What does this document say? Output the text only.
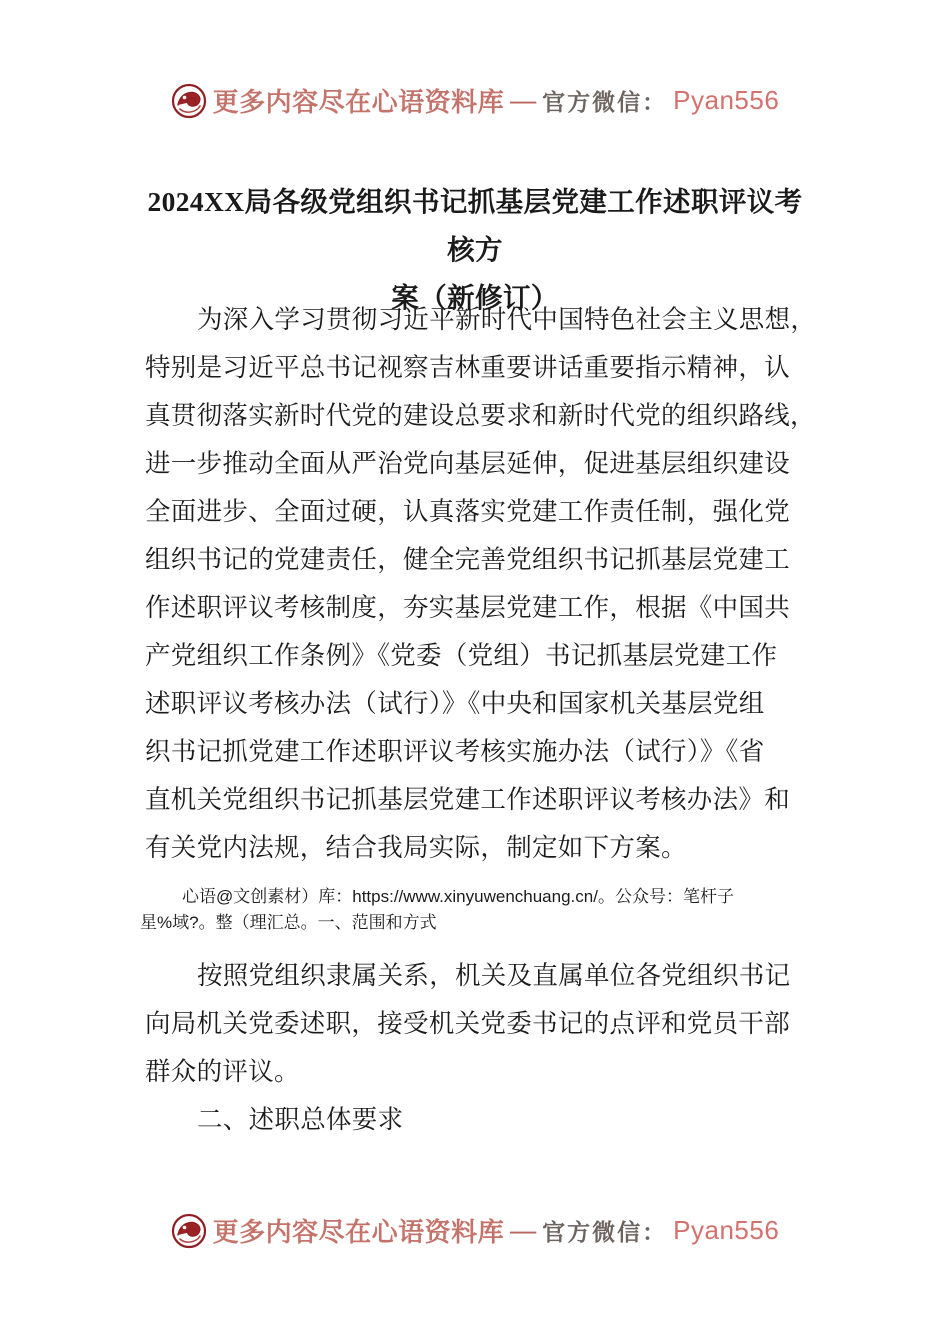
更多内容尽在心语资料库 — 官方微信： Pyan556
2024XX局各级党组织书记抓基层党建工作述职评议考核方
案（新修订）
为深入学习贯彻习近平新时代中国特色社会主义思想，
特别是习近平总书记视察吉林重要讲话重要指示精神，认
真贯彻落实新时代党的建设总要求和新时代党的组织路线，
进一步推动全面从严治党向基层延伸，促进基层组织建设
全面进步、全面过硬，认真落实党建工作责任制，强化党
组织书记的党建责任，健全完善党组织书记抓基层党建工
作述职评议考核制度，夯实基层党建工作，根据《中国共
产党组织工作条例》《党委（党组）书记抓基层党建工作
述职评议考核办法（试行）》《中央和国家机关基层党组
织书记抓党建工作述职评议考核实施办法（试行）》《省
直机关党组织书记抓基层党建工作述职评议考核办法》和
有关党内法规，结合我局实际，制定如下方案。
心语@文创素材）库：https://www.xinyuwenchuang.cn/。公众号：笔杆子
星%域?。整（理汇总。一、范围和方式
按照党组织隶属关系，机关及直属单位各党组织书记
向局机关党委述职，接受机关党委书记的点评和党员干部
群众的评议。
二、述职总体要求
更多内容尽在心语资料库 — 官方微信： Pyan556
